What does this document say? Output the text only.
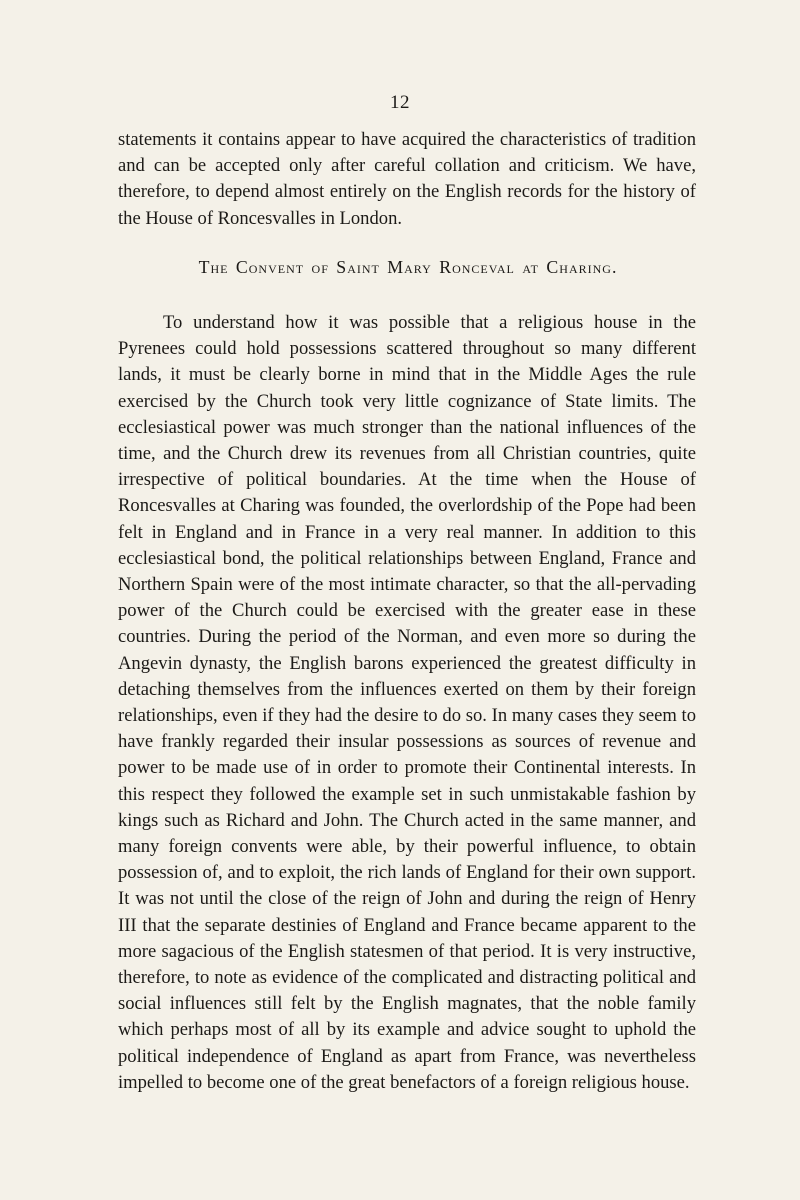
12

statements it contains appear to have acquired the characteristics of tradition and can be accepted only after careful collation and criticism. We have, therefore, to depend almost entirely on the English records for the history of the House of Roncesvalles in London.

The Convent of Saint Mary Ronceval at Charing.

To understand how it was possible that a religious house in the Pyrenees could hold possessions scattered throughout so many different lands, it must be clearly borne in mind that in the Middle Ages the rule exercised by the Church took very little cognizance of State limits. The ecclesiastical power was much stronger than the national influences of the time, and the Church drew its revenues from all Christian countries, quite irrespective of political boundaries. At the time when the House of Roncesvalles at Charing was founded, the overlordship of the Pope had been felt in England and in France in a very real manner. In addition to this ecclesiastical bond, the political relationships between England, France and Northern Spain were of the most intimate character, so that the all-pervading power of the Church could be exercised with the greater ease in these countries. During the period of the Norman, and even more so during the Angevin dynasty, the English barons experienced the greatest difficulty in detaching themselves from the influences exerted on them by their foreign relationships, even if they had the desire to do so. In many cases they seem to have frankly regarded their insular possessions as sources of revenue and power to be made use of in order to promote their Continental interests. In this respect they followed the example set in such unmistakable fashion by kings such as Richard and John. The Church acted in the same manner, and many foreign convents were able, by their powerful influence, to obtain possession of, and to exploit, the rich lands of England for their own support. It was not until the close of the reign of John and during the reign of Henry III that the separate destinies of England and France became apparent to the more sagacious of the English statesmen of that period. It is very instructive, therefore, to note as evidence of the complicated and distracting political and social influences still felt by the English magnates, that the noble family which perhaps most of all by its example and advice sought to uphold the political independence of England as apart from France, was nevertheless impelled to become one of the great benefactors of a foreign religious house.
